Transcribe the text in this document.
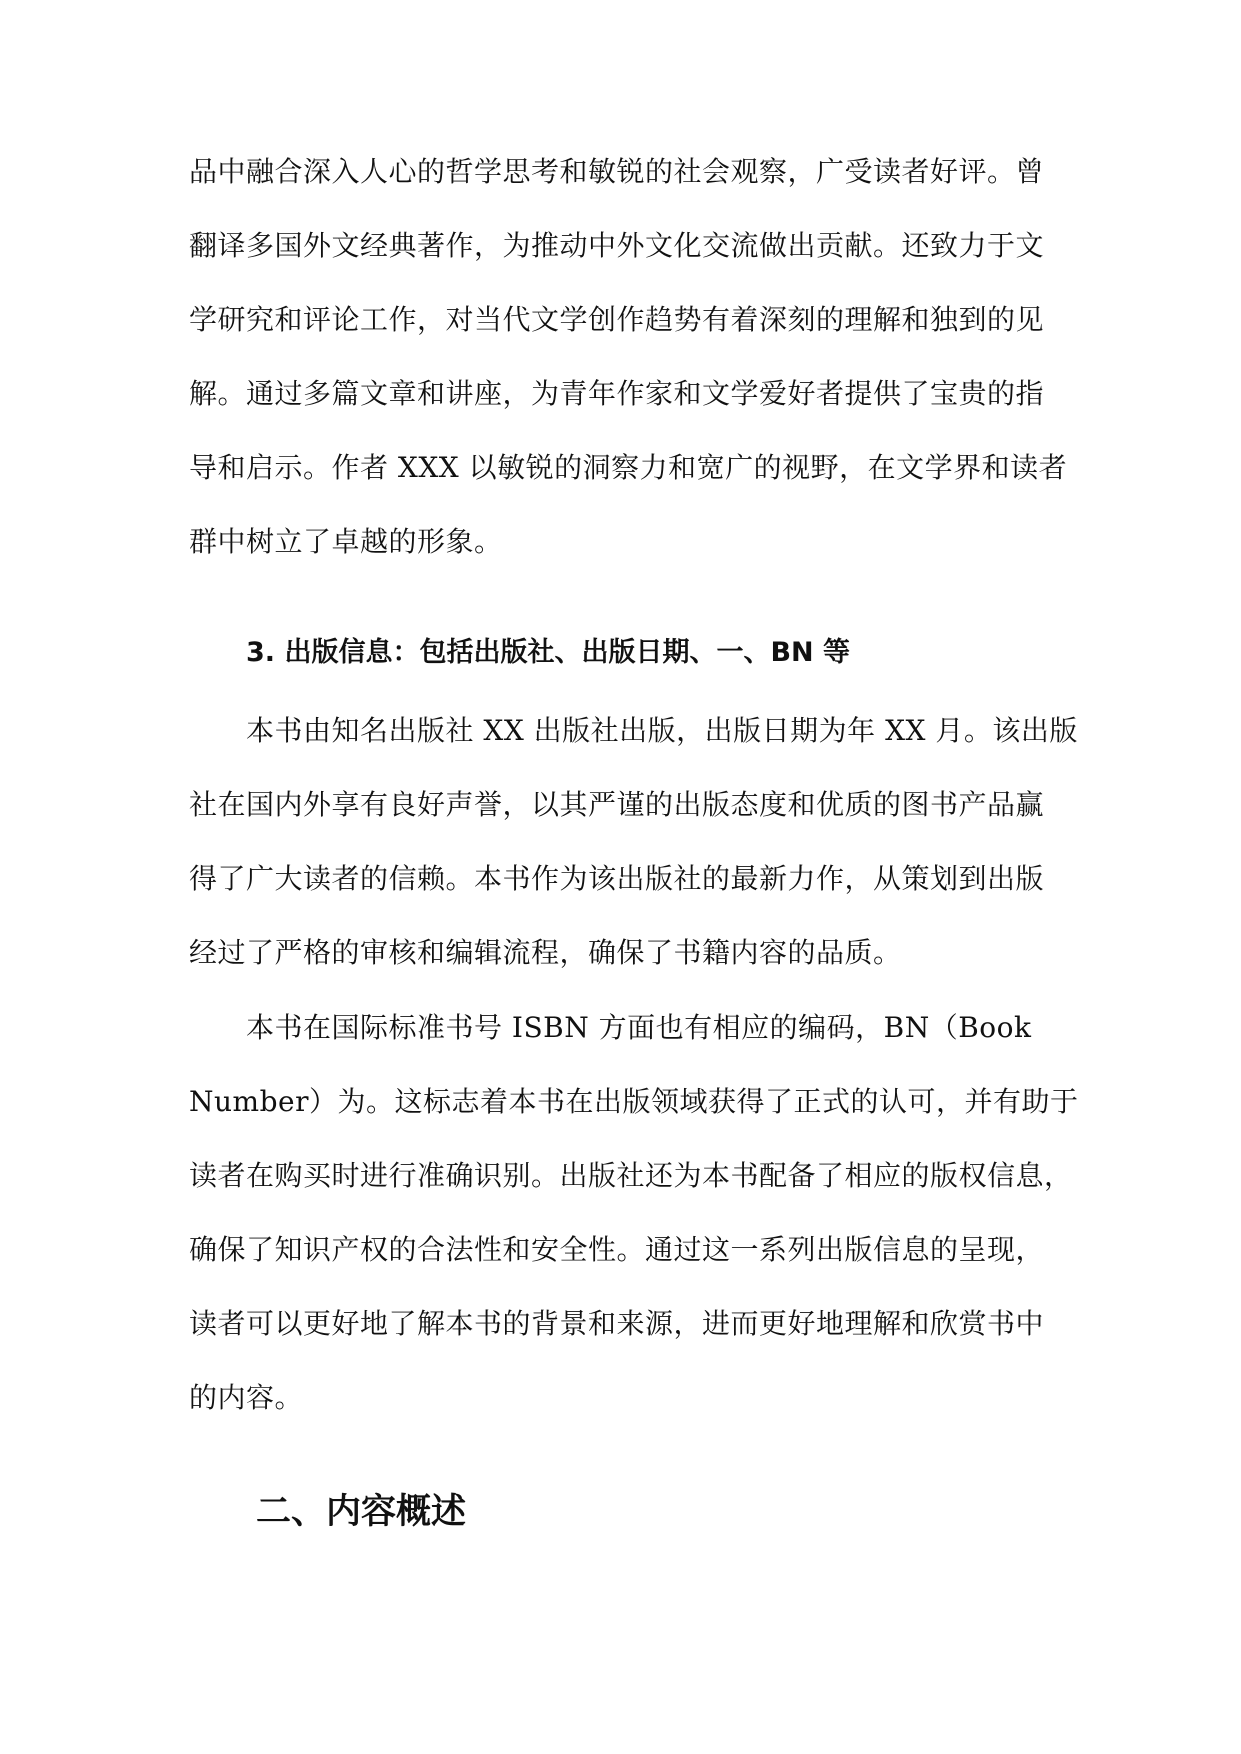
品中融合深入人心的哲学思考和敏锐的社会观察，广受读者好评。曾
翻译多国外文经典著作，为推动中外文化交流做出贡献。还致力于文
学研究和评论工作，对当代文学创作趋势有着深刻的理解和独到的见
解。通过多篇文章和讲座，为青年作家和文学爱好者提供了宝贵的指
导和启示。作者 XXX 以敏锐的洞察力和宽广的视野，在文学界和读者
群中树立了卓越的形象。
3. 出版信息：包括出版社、出版日期、一、BN 等
本书由知名出版社 XX 出版社出版，出版日期为年 XX 月。该出版
社在国内外享有良好声誉，以其严谨的出版态度和优质的图书产品赢
得了广大读者的信赖。本书作为该出版社的最新力作，从策划到出版
经过了严格的审核和编辑流程，确保了书籍内容的品质。
本书在国际标准书号 ISBN 方面也有相应的编码，BN（Book
Number）为。这标志着本书在出版领域获得了正式的认可，并有助于
读者在购买时进行准确识别。出版社还为本书配备了相应的版权信息，
确保了知识产权的合法性和安全性。通过这一系列出版信息的呈现，
读者可以更好地了解本书的背景和来源，进而更好地理解和欣赏书中
的内容。
二、内容概述
